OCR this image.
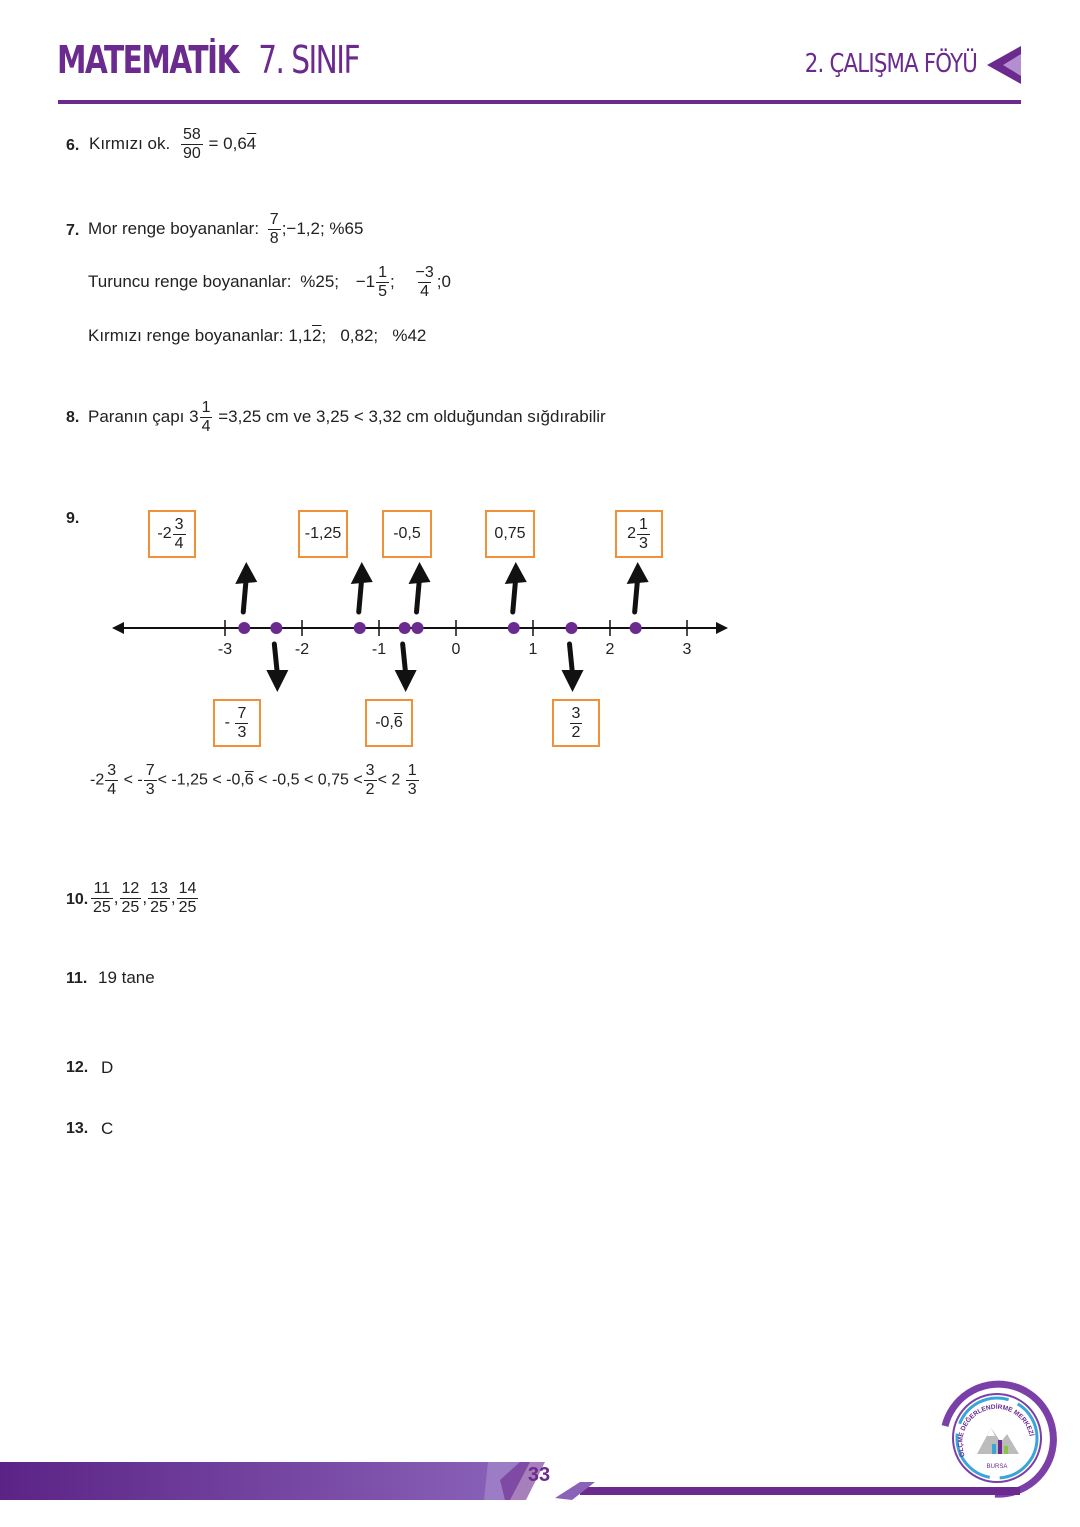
MATEMATİK 7. SINIF	2. ÇALIŞMA FÖYÜ
6. Kırmızı ok. $\frac{58}{90} = 0,64$
7. Mor renge boyananlar: $\frac{7}{8}$ ;−1,2; %65
Turuncu renge boyananlar: %25; $-1 \frac{1}{5}$ ; $\frac{-3}{4}$ ;0
Kırmızı renge boyananlar: 1,12;   0,82;   %42
8. Paranın çapı $3 \frac{1}{4} =3,25$ cm ve 3,25 < 3,32 cm olduğundan sığdırabilir
9.
-3	-2	-1	0	1	2	3
$-2 \frac{3}{4}$	-1,25	-0,5	0,75	$2 \frac{1}{3}$
-
$\frac{7}{3}$	-0, 6	$\frac{3}{2}$
$-2 \frac{3}{4}$ < - $\frac{7}{3} < -1,25 < -0,6 < -0,5 < 0,75 < \frac{3}{2} < 2 \frac{1}{3}$
10. $\frac{11}{25}$ , $\frac{12}{25}$ , $\frac{13}{25}$ , $\frac{14}{25}$
11. 19 tane
12. D
13. C
ÖLÇME DEĞERLENDİRME MERKEZİ
BURSA
33
